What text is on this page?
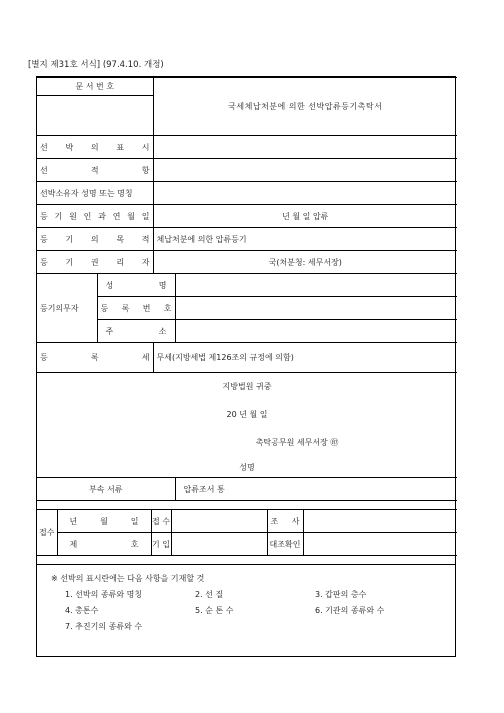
[별지 제31호 서식] (97.4.10. 개정)
문 서 번 호		국세체납처분에 의한 선박압류등기촉탁서	

선 박 의 표 시			
선 적 항			
선박소유자 성명 또는 명칭			
등 기 원 인 과 연 월 일		년 월 일 압류	
등 기 의 목 적		체납처분에 의한 압류등기	
등 기 권 리 자		국(처분청: 세무서장)	
등기의무자	성 명		
	등 록 번 호		
	주 소		
등 록 세		무세(지방세법 제126조의 규정에 의함)	

지방법원 귀중
20 년 월 일
촉탁공무원 세무서장 ㊞
성명			

부속 서류			압류조서 통
접수	년 월 일	접 수		조 사	
	제 호	기 입		대조확인	
※ 선박의 표시란에는 다음 사항을 기재할 것
1. 선박의 종류와 명칭	2. 선 질	3. 갑판의 층수
4. 총톤수	5. 순 톤 수	6. 기관의 종류와 수
7. 추진기의 종류와 수
